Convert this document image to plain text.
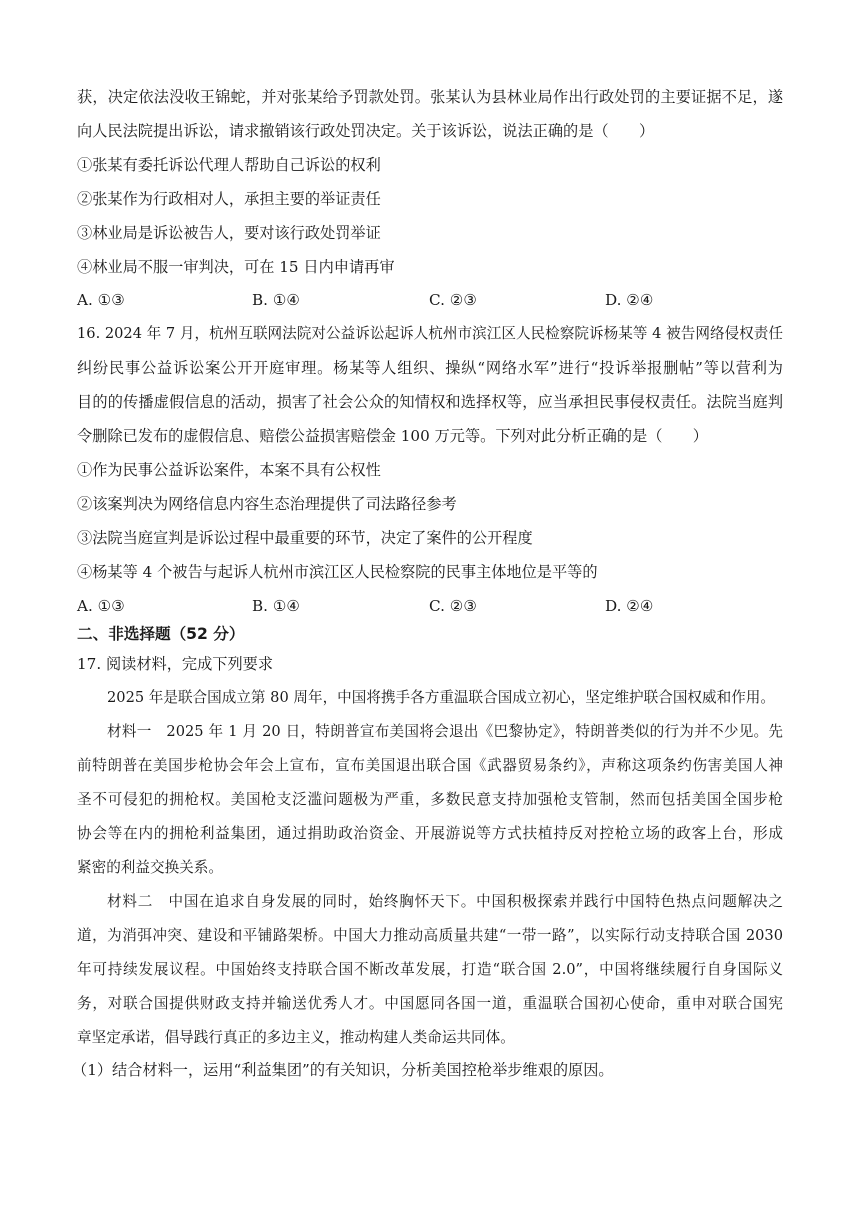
获，决定依法没收王锦蛇，并对张某给予罚款处罚。张某认为县林业局作出行政处罚的主要证据不足，遂
向人民法院提出诉讼，请求撤销该行政处罚决定。关于该诉讼，说法正确的是（　　）
①张某有委托诉讼代理人帮助自己诉讼的权利
②张某作为行政相对人，承担主要的举证责任
③林业局是诉讼被告人，要对该行政处罚举证
④林业局不服一审判决，可在 15 日内申请再审
A. ①③	B. ①④	C. ②③	D. ②④
16. 2024 年 7 月，杭州互联网法院对公益诉讼起诉人杭州市滨江区人民检察院诉杨某等 4 被告网络侵权责任
纠纷民事公益诉讼案公开开庭审理。杨某等人组织、操纵“网络水军”进行“投诉举报删帖”等以营利为
目的的传播虚假信息的活动，损害了社会公众的知情权和选择权等，应当承担民事侵权责任。法院当庭判
令删除已发布的虚假信息、赔偿公益损害赔偿金 100 万元等。下列对此分析正确的是（　　）
①作为民事公益诉讼案件，本案不具有公权性
②该案判决为网络信息内容生态治理提供了司法路径参考
③法院当庭宣判是诉讼过程中最重要的环节，决定了案件的公开程度
④杨某等 4 个被告与起诉人杭州市滨江区人民检察院的民事主体地位是平等的
A. ①③	B. ①④	C. ②③	D. ②④
二、非选择题（52 分）
17. 阅读材料，完成下列要求
2025 年是联合国成立第 80 周年，中国将携手各方重温联合国成立初心，坚定维护联合国权威和作用。
材料一　2025 年 1 月 20 日，特朗普宣布美国将会退出《巴黎协定》，特朗普类似的行为并不少见。先
前特朗普在美国步枪协会年会上宣布，宣布美国退出联合国《武器贸易条约》，声称这项条约伤害美国人神
圣不可侵犯的拥枪权。美国枪支泛滥问题极为严重，多数民意支持加强枪支管制，然而包括美国全国步枪
协会等在内的拥枪利益集团，通过捐助政治资金、开展游说等方式扶植持反对控枪立场的政客上台，形成
紧密的利益交换关系。
材料二　中国在追求自身发展的同时，始终胸怀天下。中国积极探索并践行中国特色热点问题解决之
道，为消弭冲突、建设和平铺路架桥。中国大力推动高质量共建“一带一路”，以实际行动支持联合国 2030
年可持续发展议程。中国始终支持联合国不断改革发展，打造“联合国 2.0”，中国将继续履行自身国际义
务，对联合国提供财政支持并输送优秀人才。中国愿同各国一道，重温联合国初心使命，重申对联合国宪
章坚定承诺，倡导践行真正的多边主义，推动构建人类命运共同体。
（1）结合材料一，运用“利益集团”的有关知识，分析美国控枪举步维艰的原因。
